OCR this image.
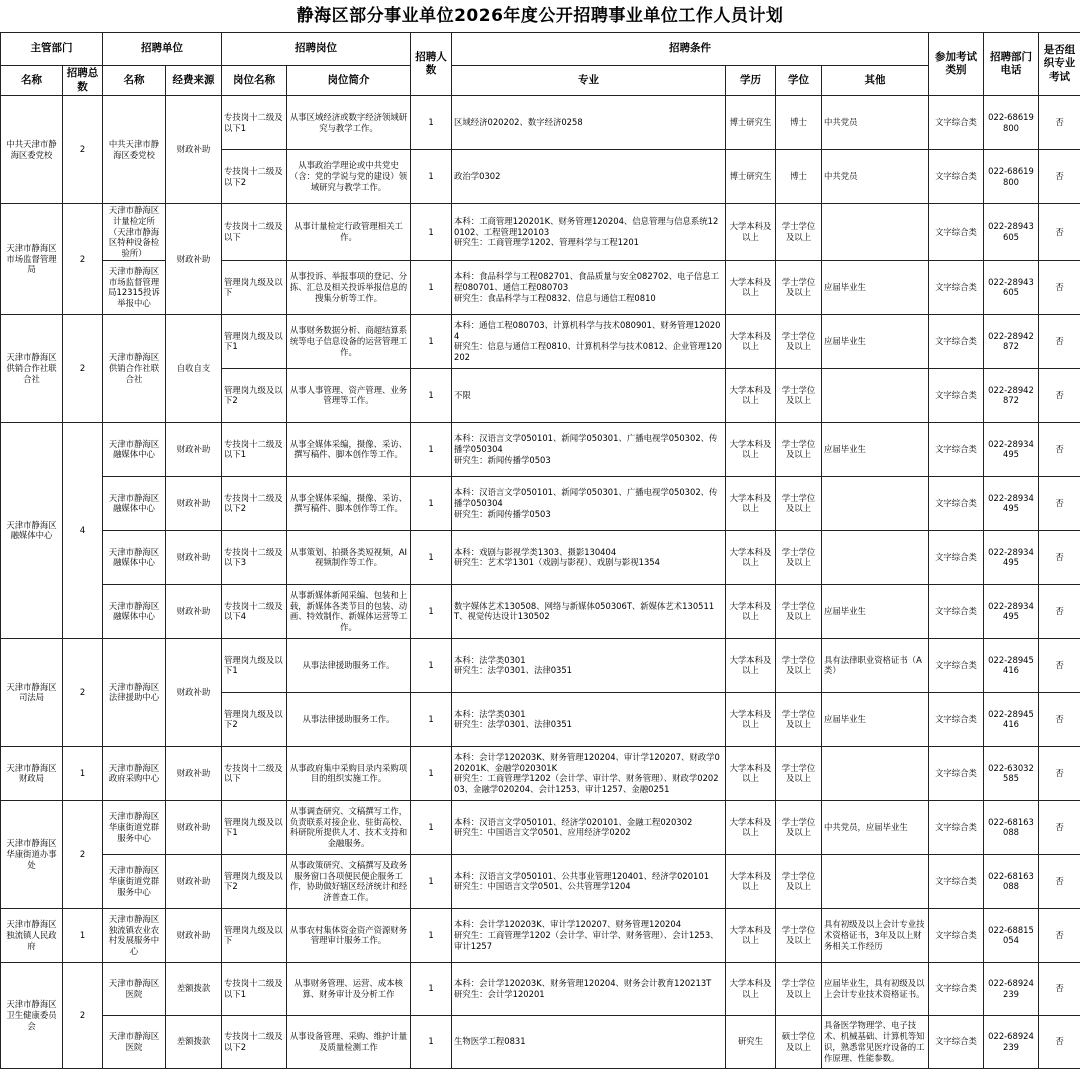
静海区部分事业单位2026年度公开招聘事业单位工作人员计划
主管部门		招聘单位		招聘岗位		招聘人数	招聘条件				参加考试类别	招聘部门电话	是否组织专业考试
名称	招聘总数	名称	经费来源	岗位名称	岗位简介		专业	学历	学位	其他			
中共天津市静海区委党校	2	中共天津市静海区委党校	财政补助	专技岗十二级及以下1	从事区域经济或数字经济领域研究与教学工作。	1	区域经济020202、数字经济0258	博士研究生	博士	中共党员	文字综合类	022-68619800	否
				专技岗十二级及以下2	从事政治学理论或中共党史（含：党的学说与党的建设）领域研究与教学工作。	1	政治学0302	博士研究生	博士	中共党员	文字综合类	022-68619800	否
天津市静海区市场监督管理局	2	天津市静海区计量检定所（天津市静海区特种设备检验所）	财政补助	专技岗十二级及以下	从事计量检定行政管理相关工作。	1	本科：工商管理120201K、财务管理120204、信息管理与信息系统120102、工程管理120103
研究生：工商管理学1202、管理科学与工程1201	大学本科及以上	学士学位及以上		文字综合类	022-28943605	否
		天津市静海区市场监督管理局12315投诉举报中心		管理岗九级及以下	从事投诉、举报事项的登记、分拣、汇总及相关投诉举报信息的搜集分析等工作。	1	本科：食品科学与工程082701、食品质量与安全082702、电子信息工程080701、通信工程080703
研究生：食品科学与工程0832、信息与通信工程0810	大学本科及以上	学士学位及以上	应届毕业生	文字综合类	022-28943605	否
天津市静海区供销合作社联合社	2	天津市静海区供销合作社联合社	自收自支	管理岗九级及以下1	从事财务数据分析、商超结算系统等电子信息设备的运营管理工作。	1	本科：通信工程080703、计算机科学与技术080901、财务管理120204
研究生：信息与通信工程0810、计算机科学与技术0812、企业管理120202	大学本科及以上	学士学位及以上	应届毕业生	文字综合类	022-28942872	否
				管理岗九级及以下2	从事人事管理、资产管理、业务管理等工作。	1	不限	大学本科及以上	学士学位及以上		文字综合类	022-28942872	否
天津市静海区融媒体中心	4	天津市静海区融媒体中心	财政补助	专技岗十二级及以下1	从事全媒体采编，摄像、采访、撰写稿件、脚本创作等工作。	1	本科：汉语言文学050101、新闻学050301、广播电视学050302、传播学050304
研究生：新闻传播学0503	大学本科及以上	学士学位及以上	应届毕业生	文字综合类	022-28934495	否
		天津市静海区融媒体中心	财政补助	专技岗十二级及以下2	从事全媒体采编，摄像、采访、撰写稿件、脚本创作等工作。	1	本科：汉语言文学050101、新闻学050301、广播电视学050302、传播学050304
研究生：新闻传播学0503	大学本科及以上	学士学位及以上		文字综合类	022-28934495	否
		天津市静海区融媒体中心	财政补助	专技岗十二级及以下3	从事策划、拍摄各类短视频，AI视频制作等工作。	1	本科：戏剧与影视学类1303、摄影130404
研究生：艺术学1301（戏剧与影视）、戏剧与影视1354	大学本科及以上	学士学位及以上		文字综合类	022-28934495	否
		天津市静海区融媒体中心	财政补助	专技岗十二级及以下4	从事新媒体新闻采编、包装和上载，新媒体各类节目的包装、动画、特效制作、新媒体运营等工作。	1	数字媒体艺术130508、网络与新媒体050306T、新媒体艺术130511T、视觉传达设计130502	大学本科及以上	学士学位及以上	应届毕业生	文字综合类	022-28934495	否
天津市静海区司法局	2	天津市静海区法律援助中心	财政补助	管理岗九级及以下1	从事法律援助服务工作。	1	本科：法学类0301
研究生：法学0301、法律0351	大学本科及以上	学士学位及以上	具有法律职业资格证书（A类）	文字综合类	022-28945416	否
				管理岗九级及以下2	从事法律援助服务工作。	1	本科：法学类0301
研究生：法学0301、法律0351	大学本科及以上	学士学位及以上	应届毕业生	文字综合类	022-28945416	否
天津市静海区财政局	1	天津市静海区政府采购中心	财政补助	专技岗十二级及以下	从事政府集中采购目录内采购项目的组织实施工作。	1	本科：会计学120203K、财务管理120204、审计学120207、财政学020201K、金融学020301K
研究生：工商管理学1202（会计学、审计学、财务管理）、财政学020203、金融学020204、会计1253、审计1257、金融0251	大学本科及以上	学士学位及以上		文字综合类	022-63032585	否
天津市静海区华康街道办事处	2	天津市静海区华康街道党群服务中心	财政补助	管理岗九级及以下1	从事调查研究、文稿撰写工作，负责联系对接企业、驻街高校、科研院所提供人才、技术支持和金融服务。	1	本科：汉语言文学050101、经济学020101、金融工程020302
研究生：中国语言文学0501、应用经济学0202	大学本科及以上	学士学位及以上	中共党员，应届毕业生	文字综合类	022-68163088	否
		天津市静海区华康街道党群服务中心	财政补助	管理岗九级及以下2	从事政策研究、文稿撰写及政务服务窗口各项便民便企服务工作，协助做好辖区经济统计和经济普查工作。	1	本科：汉语言文学050101、公共事业管理120401、经济学020101
研究生：中国语言文学0501、公共管理学1204	大学本科及以上	学士学位及以上		文字综合类	022-68163088	否
天津市静海区独流镇人民政府	1	天津市静海区独流镇农业农村发展服务中心	财政补助	管理岗九级及以下	从事农村集体资金资产资源财务管理审计服务工作。	1	本科：会计学120203K、审计学120207、财务管理120204
研究生：工商管理学1202（会计学、审计学、财务管理）、会计1253、审计1257	大学本科及以上	学士学位及以上	具有初级及以上会计专业技术资格证书，3年及以上财务相关工作经历	文字综合类	022-68815054	否
天津市静海区卫生健康委员会	2	天津市静海区医院	差额拨款	专技岗十二级及以下1	从事财务管理、运营、成本核算、财务审计及分析工作	1	本科：会计学120203K、财务管理120204、财务会计教育120213T
研究生：会计学120201	大学本科及以上	学士学位及以上	应届毕业生，具有初级及以上会计专业技术资格证书。	文字综合类	022-68924239	否
		天津市静海区医院	差额拨款	专技岗十二级及以下2	从事设备管理、采购、维护计量及质量检测工作	1	生物医学工程0831	研究生	硕士学位及以上	具备医学物理学、电子技术、机械基础、计算机等知识，熟悉常见医疗设备的工作原理、性能参数。	文字综合类	022-68924239	否
